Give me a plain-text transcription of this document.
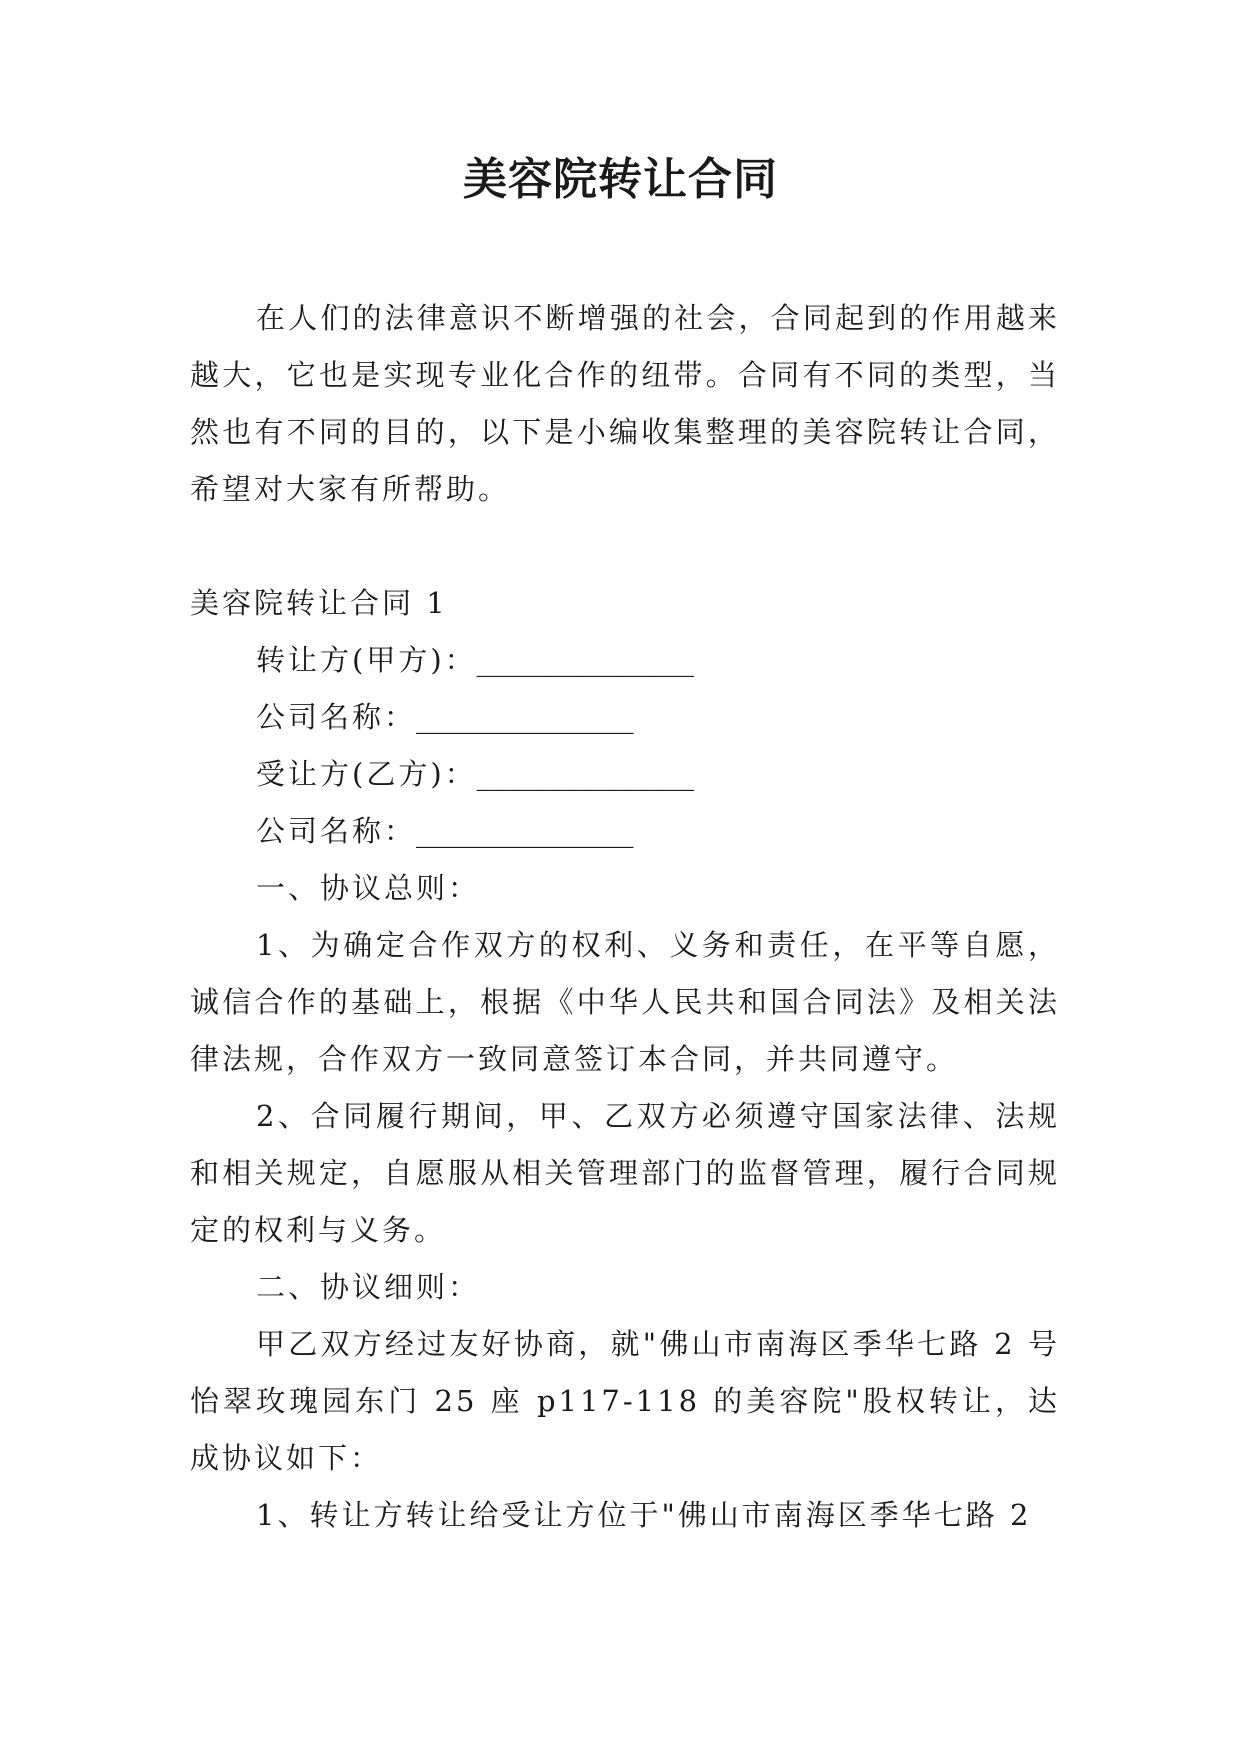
美容院转让合同

在人们的法律意识不断增强的社会，合同起到的作用越来越大，它也是实现专业化合作的纽带。合同有不同的类型，当然也有不同的目的，以下是小编收集整理的美容院转让合同，希望对大家有所帮助。

美容院转让合同 1

转让方(甲方)：_______________

公司名称：_______________

受让方(乙方)：_______________

公司名称：_______________

一、协议总则：

1、为确定合作双方的权利、义务和责任，在平等自愿，诚信合作的基础上，根据《中华人民共和国合同法》及相关法律法规，合作双方一致同意签订本合同，并共同遵守。

2、合同履行期间，甲、乙双方必须遵守国家法律、法规和相关规定，自愿服从相关管理部门的监督管理，履行合同规定的权利与义务。

二、协议细则：

甲乙双方经过友好协商，就"佛山市南海区季华七路 2 号怡翠玫瑰园东门 25 座 p117-118 的美容院"股权转让，达成协议如下：

1、转让方转让给受让方位于"佛山市南海区季华七路 2
